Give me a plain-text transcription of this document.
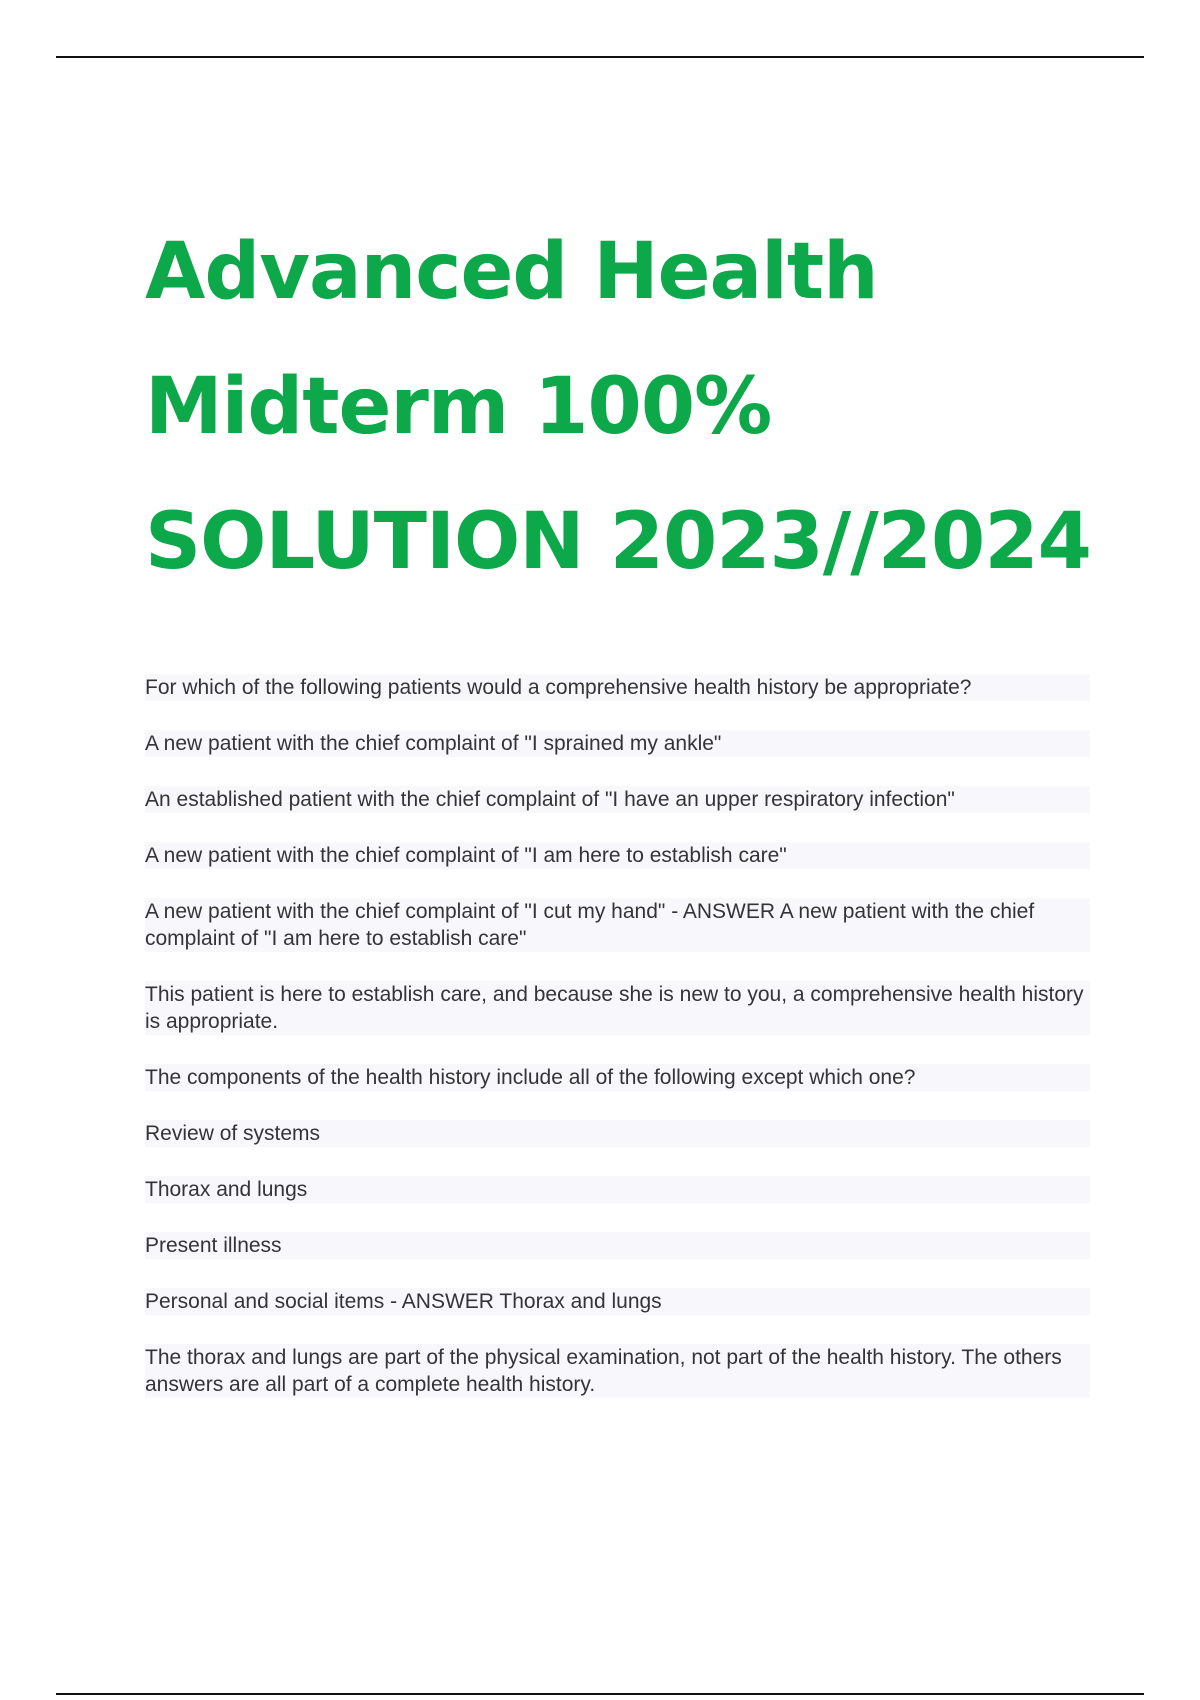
Advanced Health
Midterm 100%
SOLUTION 2023//2024

For which of the following patients would a comprehensive health history be appropriate?

A new patient with the chief complaint of "I sprained my ankle"

An established patient with the chief complaint of "I have an upper respiratory infection"

A new patient with the chief complaint of "I am here to establish care"

A new patient with the chief complaint of "I cut my hand" - ANSWER A new patient with the chief complaint of "I am here to establish care"

This patient is here to establish care, and because she is new to you, a comprehensive health history is appropriate.

The components of the health history include all of the following except which one?

Review of systems

Thorax and lungs

Present illness

Personal and social items - ANSWER Thorax and lungs

The thorax and lungs are part of the physical examination, not part of the health history. The others answers are all part of a complete health history.
